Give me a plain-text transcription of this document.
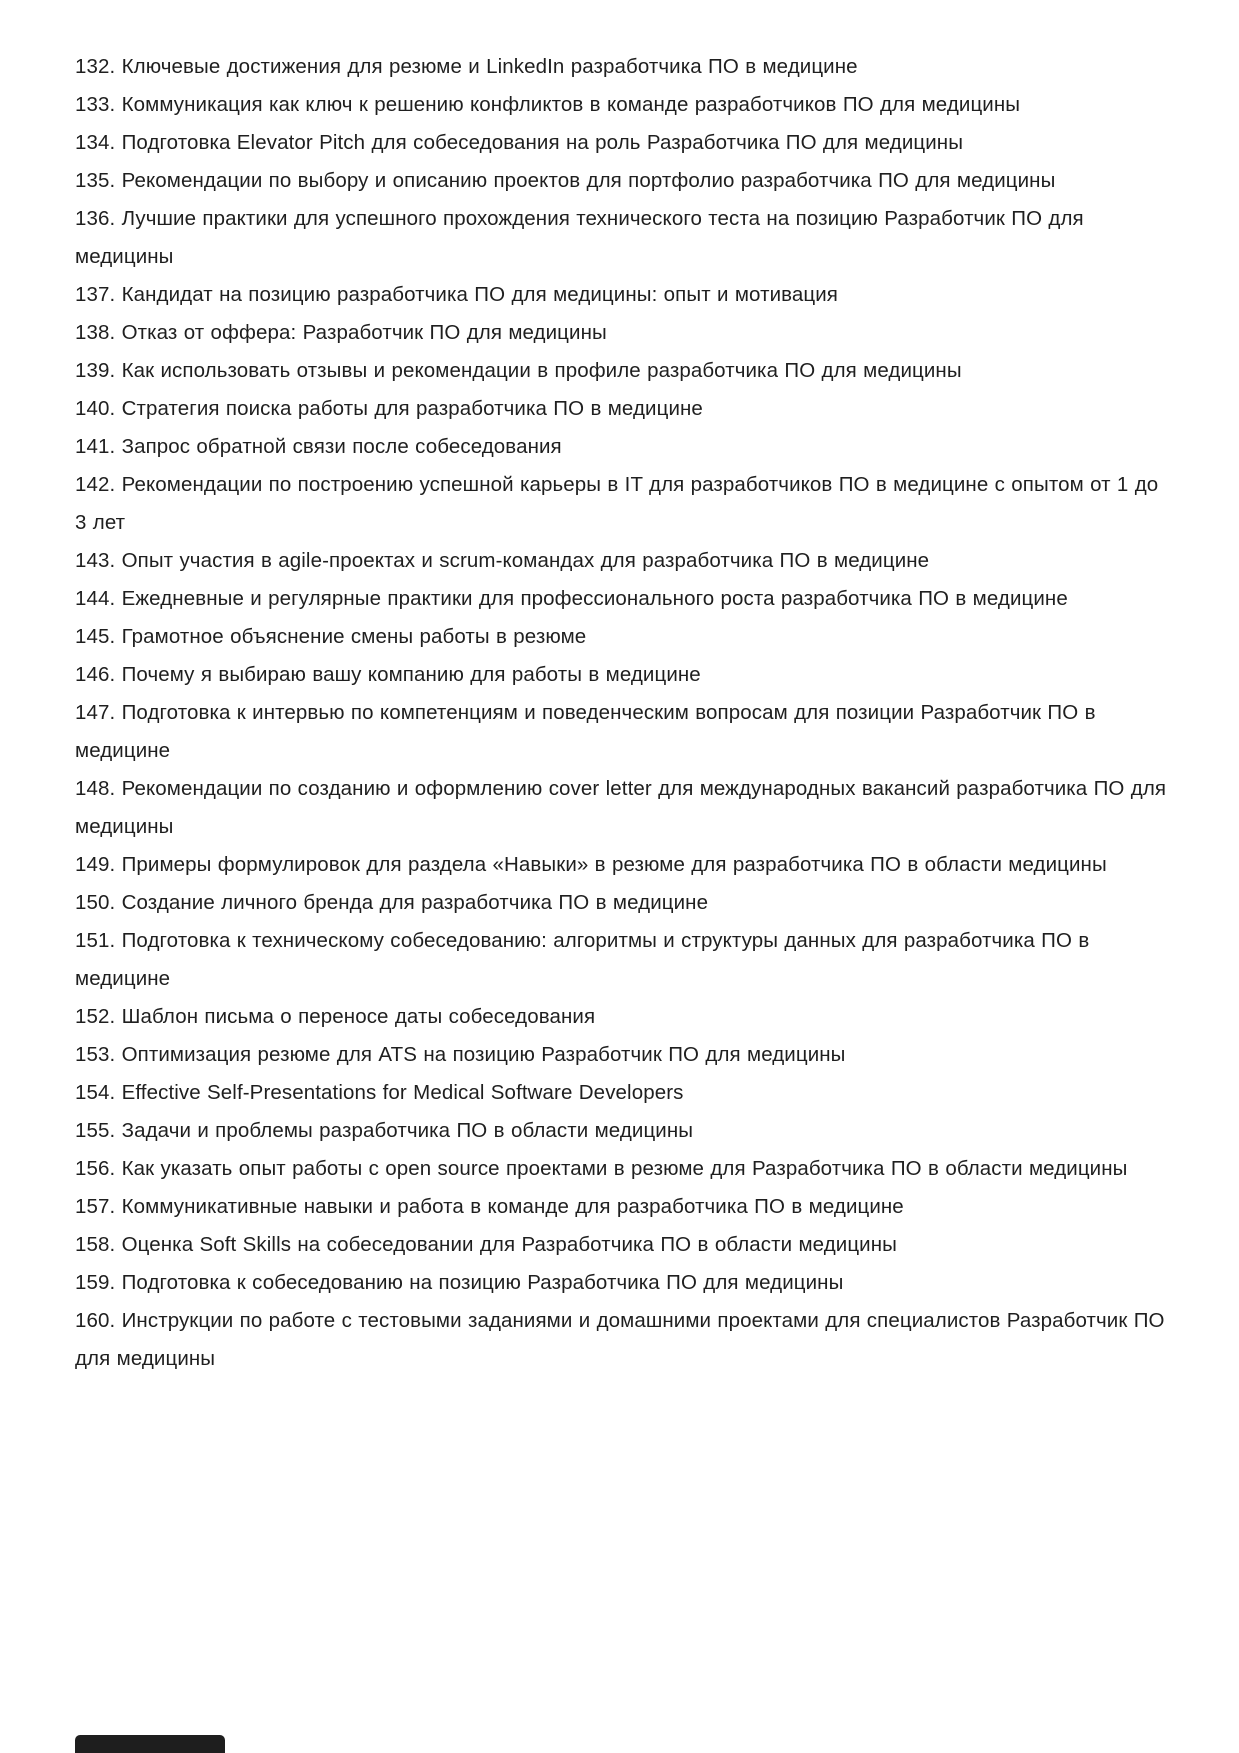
132. Ключевые достижения для резюме и LinkedIn разработчика ПО в медицине

133. Коммуникация как ключ к решению конфликтов в команде разработчиков ПО для медицины

134. Подготовка Elevator Pitch для собеседования на роль Разработчика ПО для медицины

135. Рекомендации по выбору и описанию проектов для портфолио разработчика ПО для медицины

136. Лучшие практики для успешного прохождения технического теста на позицию Разработчик ПО для медицины

137. Кандидат на позицию разработчика ПО для медицины: опыт и мотивация

138. Отказ от оффера: Разработчик ПО для медицины

139. Как использовать отзывы и рекомендации в профиле разработчика ПО для медицины

140. Стратегия поиска работы для разработчика ПО в медицине

141. Запрос обратной связи после собеседования

142. Рекомендации по построению успешной карьеры в IT для разработчиков ПО в медицине с опытом от 1 до 3 лет

143. Опыт участия в agile-проектах и scrum-командах для разработчика ПО в медицине

144. Ежедневные и регулярные практики для профессионального роста разработчика ПО в медицине

145. Грамотное объяснение смены работы в резюме

146. Почему я выбираю вашу компанию для работы в медицине

147. Подготовка к интервью по компетенциям и поведенческим вопросам для позиции Разработчик ПО в медицине

148. Рекомендации по созданию и оформлению cover letter для международных вакансий разработчика ПО для медицины

149. Примеры формулировок для раздела «Навыки» в резюме для разработчика ПО в области медицины

150. Создание личного бренда для разработчика ПО в медицине

151. Подготовка к техническому собеседованию: алгоритмы и структуры данных для разработчика ПО в медицине

152. Шаблон письма о переносе даты собеседования

153. Оптимизация резюме для ATS на позицию Разработчик ПО для медицины

154. Effective Self-Presentations for Medical Software Developers

155. Задачи и проблемы разработчика ПО в области медицины

156. Как указать опыт работы с open source проектами в резюме для Разработчика ПО в области медицины

157. Коммуникативные навыки и работа в команде для разработчика ПО в медицине

158. Оценка Soft Skills на собеседовании для Разработчика ПО в области медицины

159. Подготовка к собеседованию на позицию Разработчика ПО для медицины

160. Инструкции по работе с тестовыми заданиями и домашними проектами для специалистов Разработчик ПО для медицины
